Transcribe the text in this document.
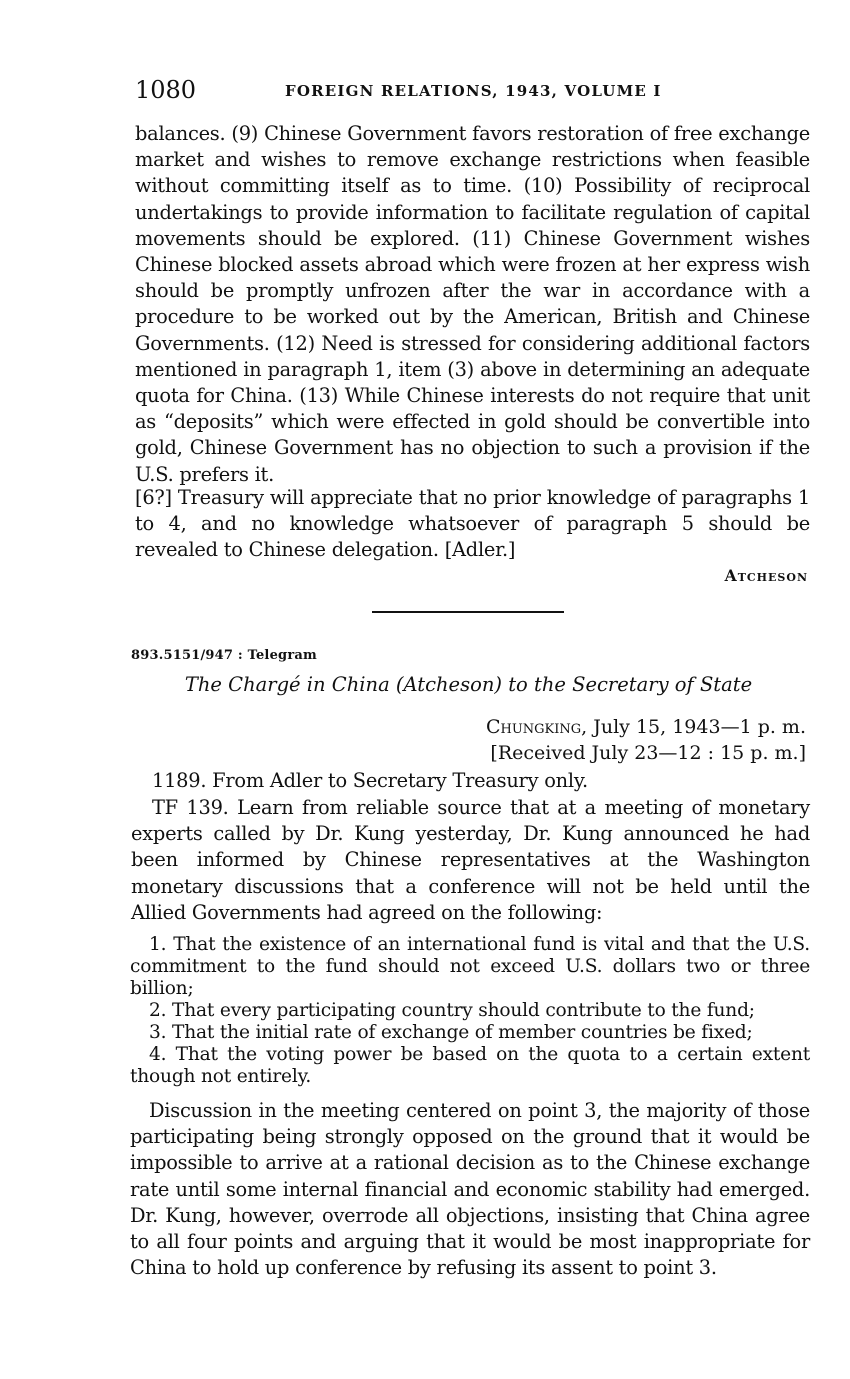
1080	FOREIGN RELATIONS, 1943, VOLUME I

balances. (9) Chinese Government favors restoration of free exchange market and wishes to remove exchange restrictions when feasible without committing itself as to time. (10) Possibility of reciprocal undertakings to provide information to facilitate regulation of capital movements should be explored. (11) Chinese Government wishes Chinese blocked assets abroad which were frozen at her express wish should be promptly unfrozen after the war in accordance with a procedure to be worked out by the American, British and Chinese Governments. (12) Need is stressed for considering additional factors mentioned in paragraph 1, item (3) above in determining an adequate quota for China. (13) While Chinese interests do not require that unit as “deposits” which were effected in gold should be convertible into gold, Chinese Government has no objection to such a provision if the U.S. prefers it.

[6?] Treasury will appreciate that no prior knowledge of paragraphs 1 to 4, and no knowledge whatsoever of paragraph 5 should be revealed to Chinese delegation. [Adler.]

Atcheson
893.5151/947 : Telegram
The Chargé in China (Atcheson) to the Secretary of State
Chungking, July 15, 1943—1 p. m.
[Received July 23—12 : 15 p. m.]

1189. From Adler to Secretary Treasury only.

TF 139. Learn from reliable source that at a meeting of monetary experts called by Dr. Kung yesterday, Dr. Kung announced he had been informed by Chinese representatives at the Washington monetary discussions that a conference will not be held until the Allied Governments had agreed on the following:

1. That the existence of an international fund is vital and that the U.S. commitment to the fund should not exceed U.S. dollars two or three billion;

2. That every participating country should contribute to the fund;

3. That the initial rate of exchange of member countries be fixed;

4. That the voting power be based on the quota to a certain extent though not entirely.

Discussion in the meeting centered on point 3, the majority of those participating being strongly opposed on the ground that it would be impossible to arrive at a rational decision as to the Chinese exchange rate until some internal financial and economic stability had emerged. Dr. Kung, however, overrode all objections, insisting that China agree to all four points and arguing that it would be most inappropriate for China to hold up conference by refusing its assent to point 3.
